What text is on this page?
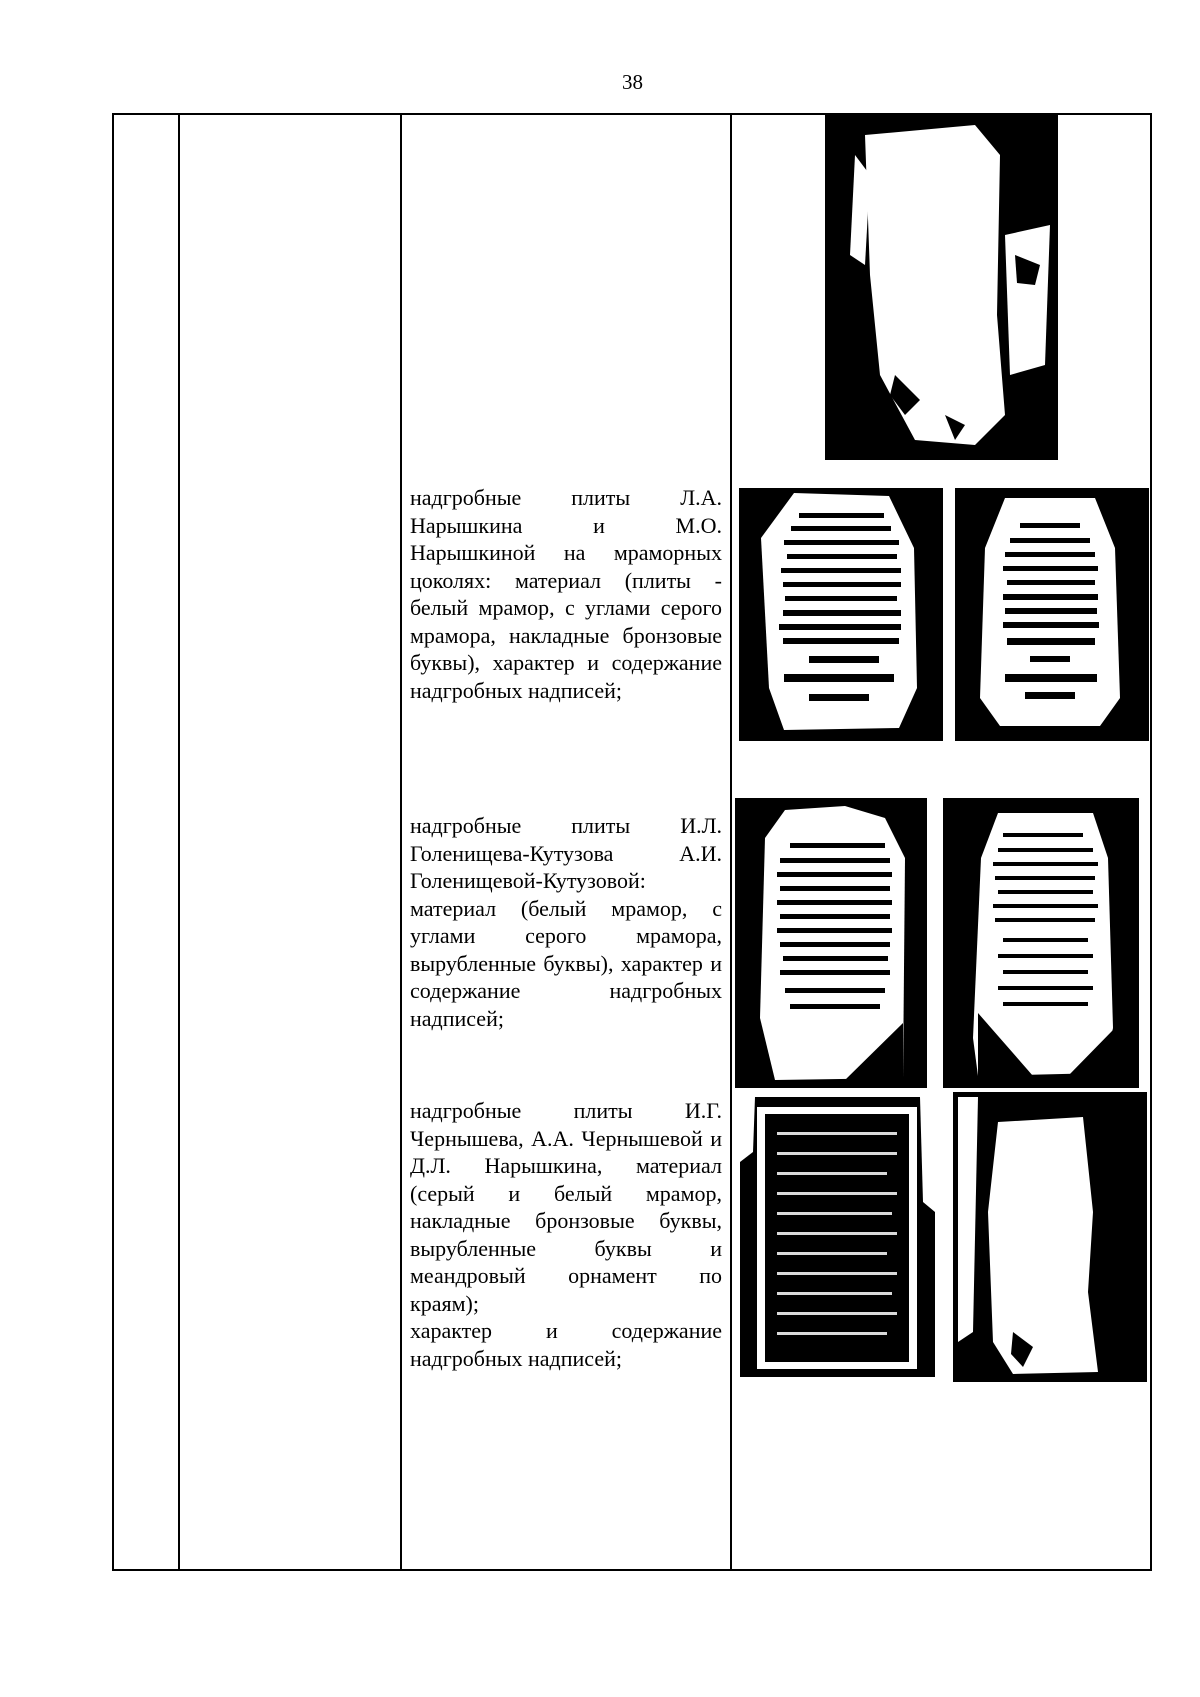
38

надгробные плиты Л.А. Нарышкина и М.О. Нарышкиной на мраморных цоколях: материал (плиты - белый мрамор, с углами серого мрамора, накладные бронзовые буквы), характер и содержание надгробных надписей;

надгробные плиты И.Л. Голенищева-Кутузова А.И. Голенищевой-Кутузовой: материал (белый мрамор, с углами серого мрамора, вырубленные буквы), характер и содержание надгробных надписей;

надгробные плиты И.Г. Чернышева, А.А. Чернышевой и Д.Л. Нарышкина, материал (серый и белый мрамор, накладные бронзовые буквы, вырубленные буквы и меандровый орнамент по краям);

характер и содержание надгробных надписей;
